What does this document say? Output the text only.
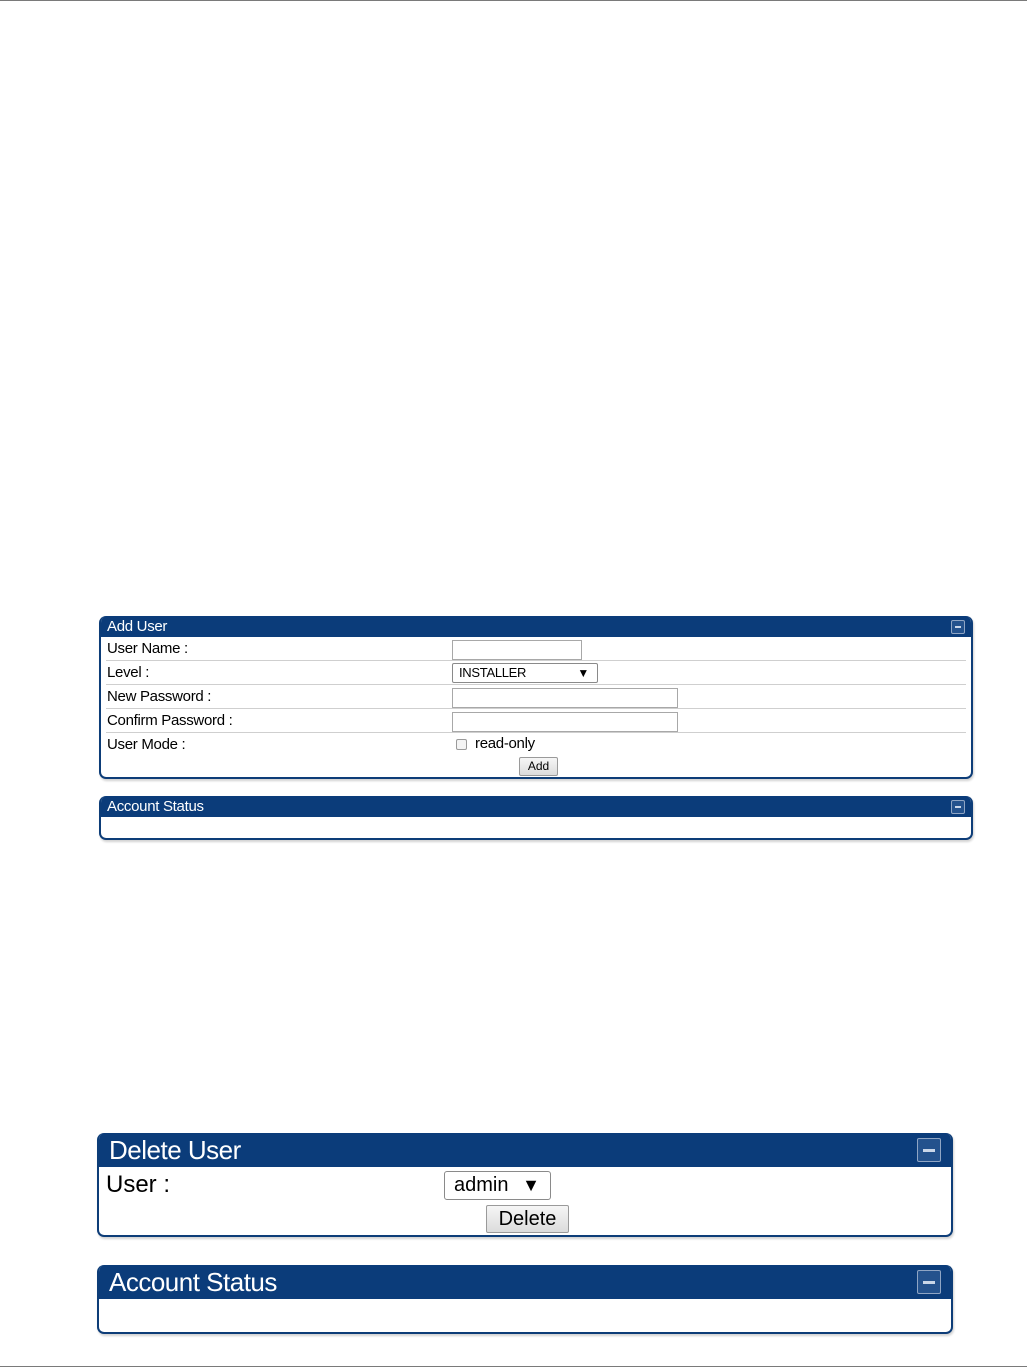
Add User
User Name :
Level :	INSTALLER	▼
New Password :
Confirm Password :
User Mode :	read-only
Add
Account Status
Delete User
User :	admin ▼
Delete
Account Status
